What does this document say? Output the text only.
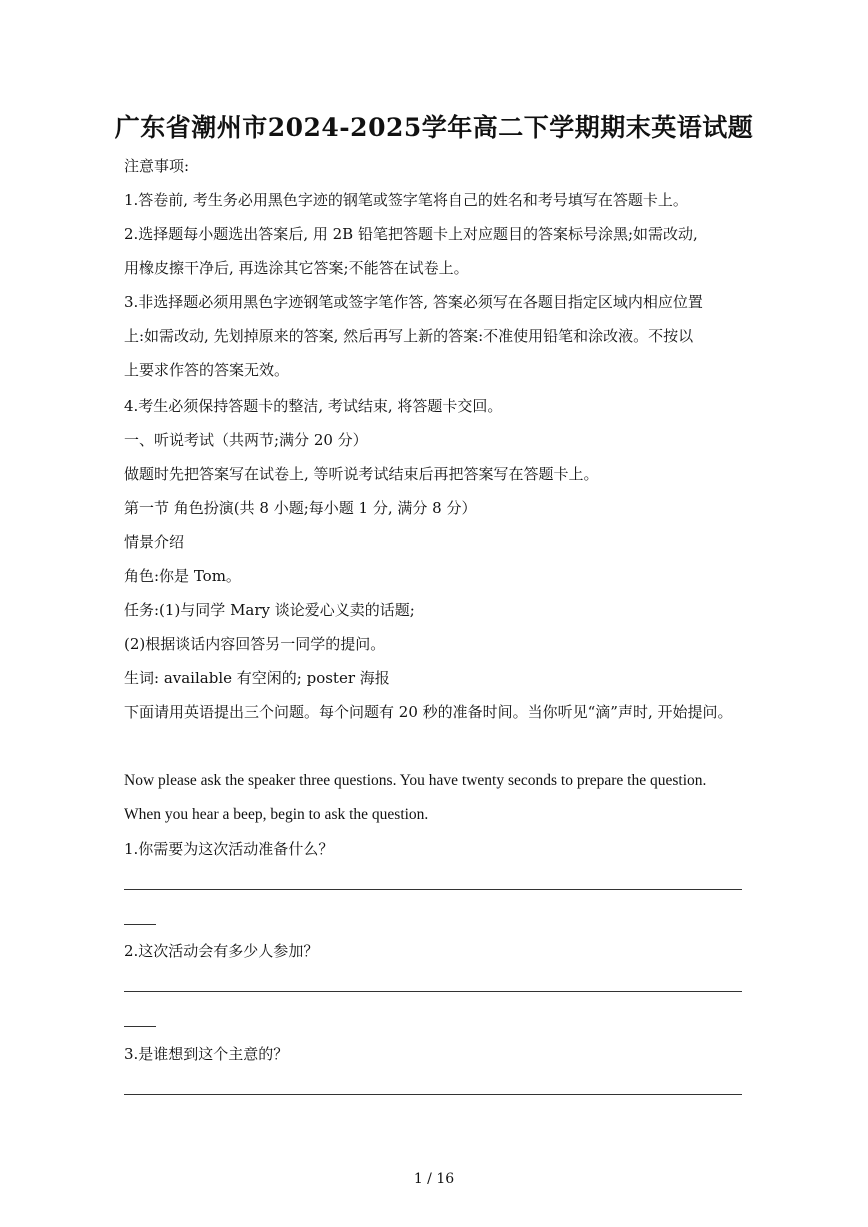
广东省潮州市2024-2025学年高二下学期期末英语试题
注意事项:
1.答卷前, 考生务必用黑色字迹的钢笔或签字笔将自己的姓名和考号填写在答题卡上。
2.选择题每小题选出答案后, 用 2B 铅笔把答题卡上对应题目的答案标号涂黑;如需改动,
用橡皮擦干净后, 再选涂其它答案;不能答在试卷上。
3.非选择题必须用黑色字迹钢笔或签字笔作答, 答案必须写在各题目指定区域内相应位置
上:如需改动, 先划掉原来的答案, 然后再写上新的答案:不准使用铅笔和涂改液。不按以
上要求作答的答案无效。
4.考生必须保持答题卡的整洁, 考试结束, 将答题卡交回。
一、听说考试（共两节;满分 20 分）
做题时先把答案写在试卷上, 等听说考试结束后再把答案写在答题卡上。
第一节 角色扮演(共 8 小题;每小题 1 分, 满分 8 分）
情景介绍
角色:你是 Tom。
任务:(1)与同学 Mary 谈论爱心义卖的话题;
(2)根据谈话内容回答另一同学的提问。
生词: available 有空闲的; poster 海报
下面请用英语提出三个问题。每个问题有 20 秒的准备时间。当你听见“滴”声时, 开始提问。
Now please ask the speaker three questions. You have twenty seconds to prepare the question.
When you hear a beep, begin to ask the question.
1.你需要为这次活动准备什么？
2.这次活动会有多少人参加？
3.是谁想到这个主意的？
1 / 16
